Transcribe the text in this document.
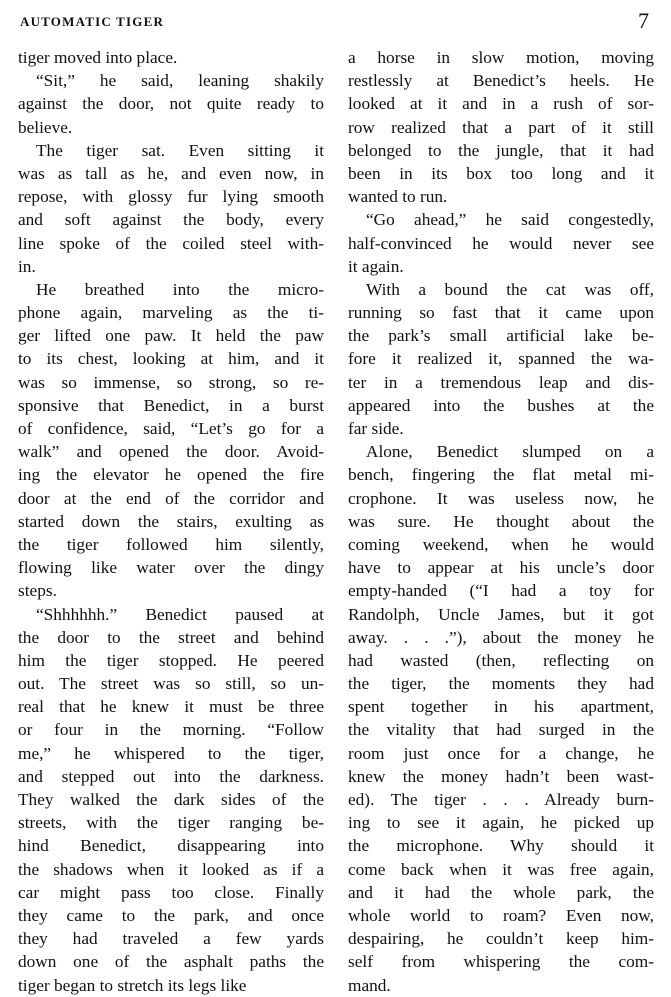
AUTOMATIC TIGER	7
tiger moved into place.
“Sit,” he said, leaning shakily
against the door, not quite ready to
believe.
The tiger sat. Even sitting it
was as tall as he, and even now, in
repose, with glossy fur lying smooth
and soft against the body, every
line spoke of the coiled steel with-
in.
He breathed into the micro-
phone again, marveling as the ti-
ger lifted one paw. It held the paw
to its chest, looking at him, and it
was so immense, so strong, so re-
sponsive that Benedict, in a burst
of confidence, said, “Let’s go for a
walk” and opened the door. Avoid-
ing the elevator he opened the fire
door at the end of the corridor and
started down the stairs, exulting as
the tiger followed him silently,
flowing like water over the dingy
steps.
“Shhhhhh.” Benedict paused at
the door to the street and behind
him the tiger stopped. He peered
out. The street was so still, so un-
real that he knew it must be three
or four in the morning. “Follow
me,” he whispered to the tiger,
and stepped out into the darkness.
They walked the dark sides of the
streets, with the tiger ranging be-
hind Benedict, disappearing into
the shadows when it looked as if a
car might pass too close. Finally
they came to the park, and once
they had traveled a few yards
down one of the asphalt paths the
tiger began to stretch its legs like
a horse in slow motion, moving
restlessly at Benedict’s heels. He
looked at it and in a rush of sor-
row realized that a part of it still
belonged to the jungle, that it had
been in its box too long and it
wanted to run.
“Go ahead,” he said congestedly,
half-convinced he would never see
it again.
With a bound the cat was off,
running so fast that it came upon
the park’s small artificial lake be-
fore it realized it, spanned the wa-
ter in a tremendous leap and dis-
appeared into the bushes at the
far side.
Alone, Benedict slumped on a
bench, fingering the flat metal mi-
crophone. It was useless now, he
was sure. He thought about the
coming weekend, when he would
have to appear at his uncle’s door
empty-handed (“I had a toy for
Randolph, Uncle James, but it got
away. . . .”), about the money he
had wasted (then, reflecting on
the tiger, the moments they had
spent together in his apartment,
the vitality that had surged in the
room just once for a change, he
knew the money hadn’t been wast-
ed). The tiger . . . Already burn-
ing to see it again, he picked up
the microphone. Why should it
come back when it was free again,
and it had the whole park, the
whole world to roam? Even now,
despairing, he couldn’t keep him-
self from whispering the com-
mand.
